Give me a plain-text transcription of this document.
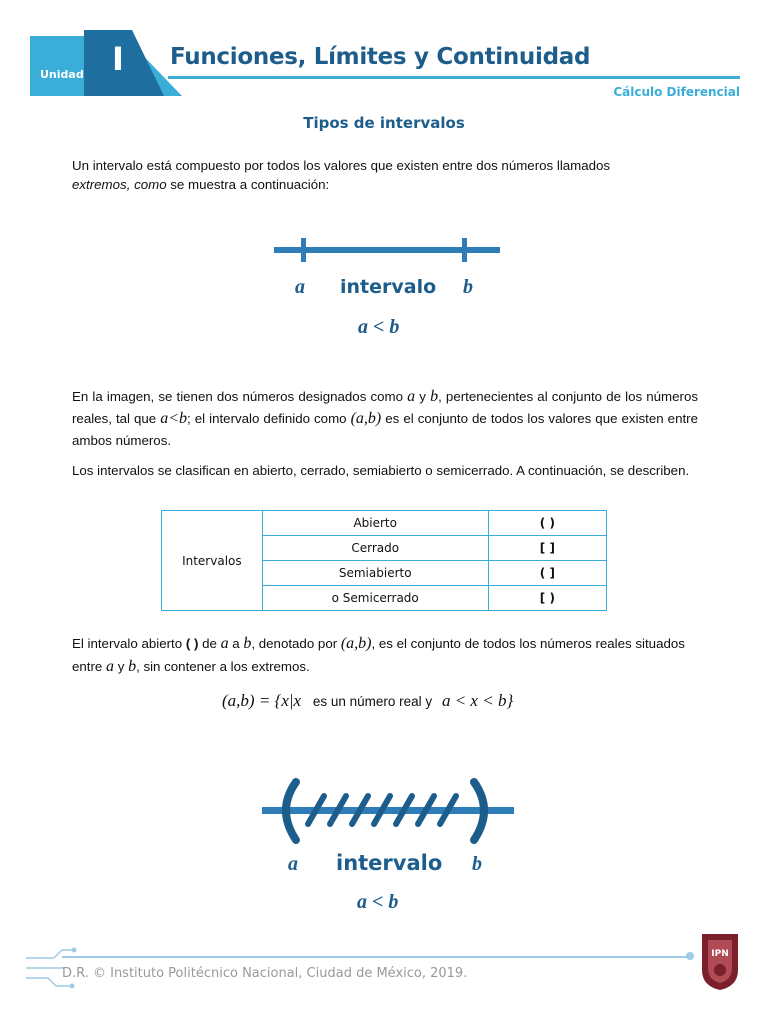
Unidad I Funciones, Límites y Continuidad
Cálculo Diferencial
Tipos de intervalos
Un intervalo está compuesto por todos los valores que existen entre dos números llamados
extremos, como se muestra a continuación:
a intervalo b
a < b
En la imagen, se tienen dos números designados como a y b, pertenecientes al conjunto de los números reales, tal que a<b; el intervalo definido como (a,b) es el conjunto de todos los valores que existen entre ambos números.
Los intervalos se clasifican en abierto, cerrado, semiabierto o semicerrado. A continuación, se describen.
Intervalos	Abierto	( )
	Cerrado	[ ]
	Semiabierto	( ]
	o Semicerrado	[ )
El intervalo abierto ( ) de a a b, denotado por (a,b), es el conjunto de todos los números reales situados entre a y b, sin contener a los extremos.
(a,b) = {x|x es un número real y a < x < b}
a intervalo b
a < b
D.R. © Instituto Politécnico Nacional, Ciudad de México, 2019.
IPN
